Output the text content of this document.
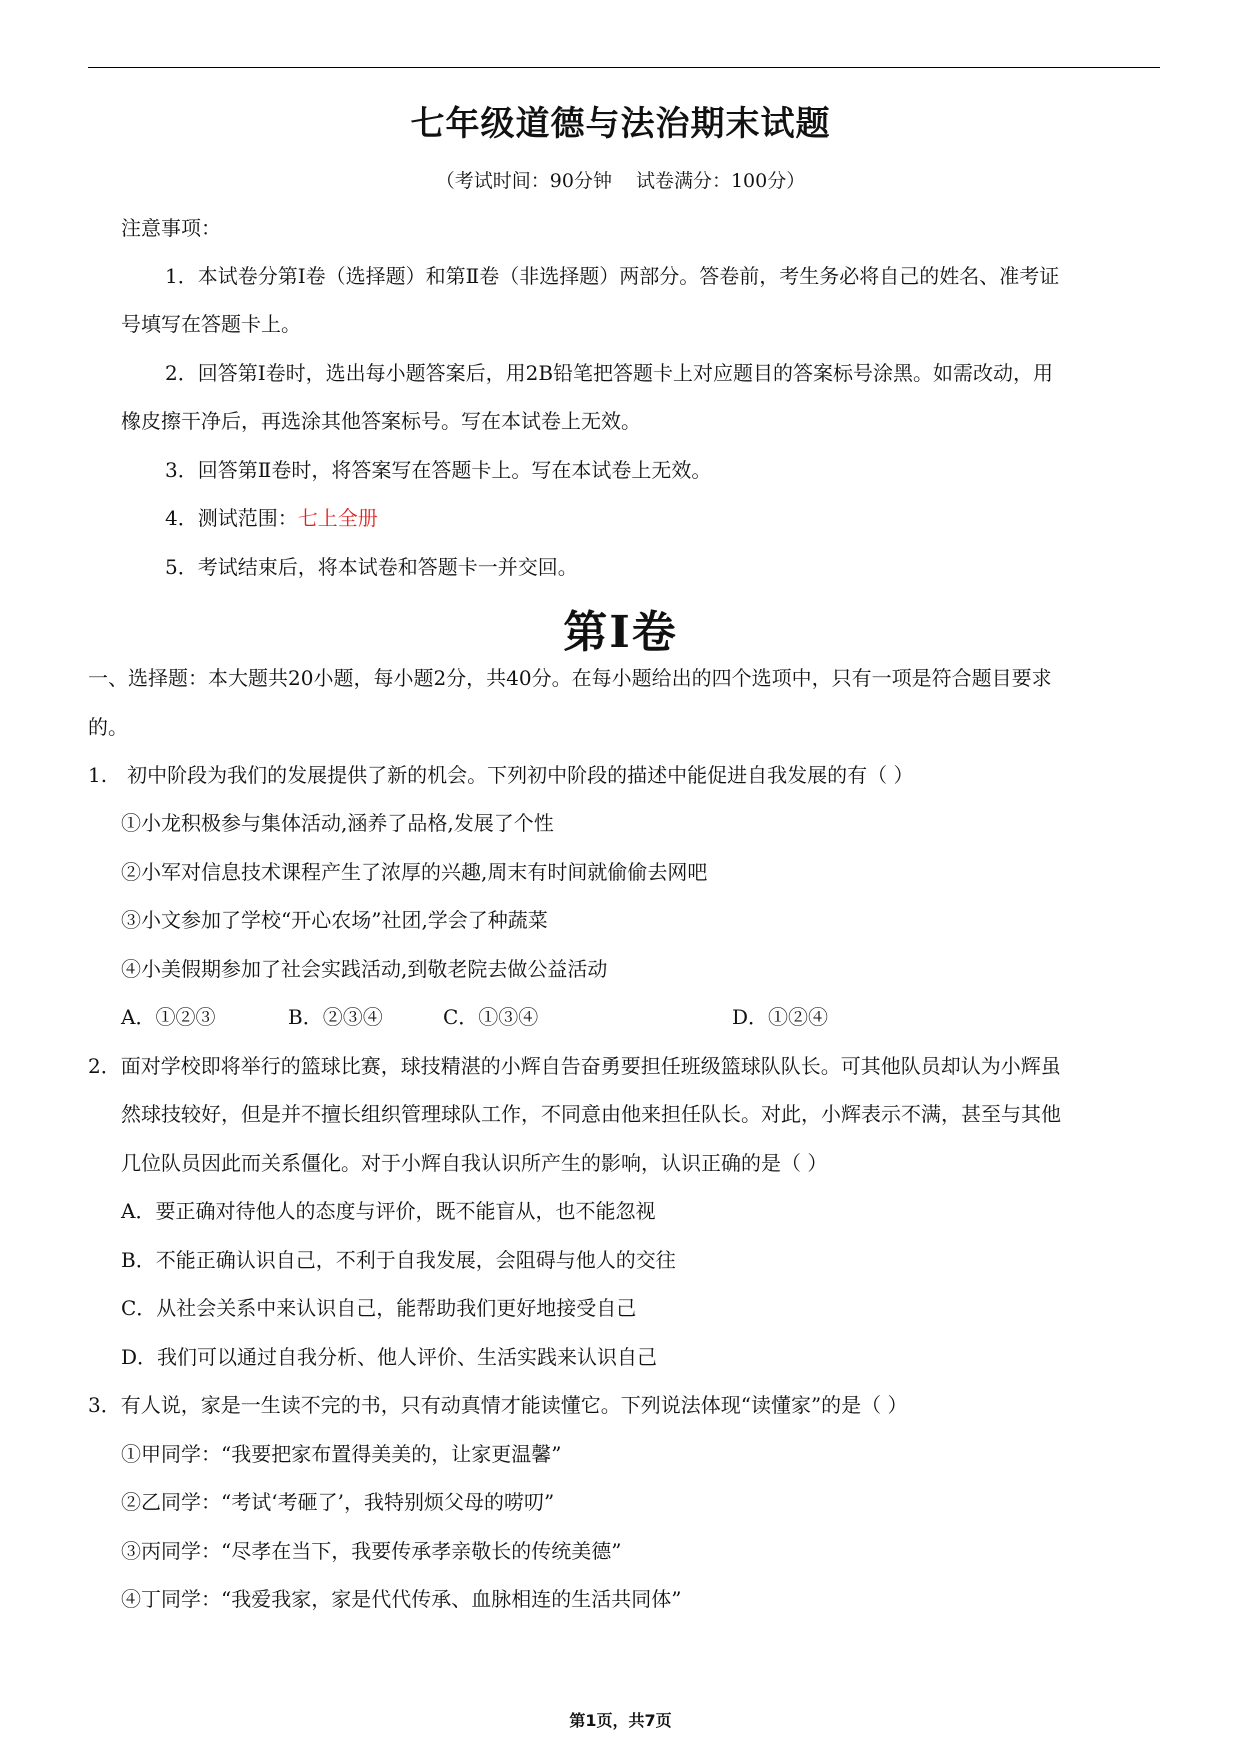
七年级道德与法治期末试题
（考试时间：90分钟 试卷满分：100分）
注意事项：
1．本试卷分第Ⅰ卷（选择题）和第Ⅱ卷（非选择题）两部分。答卷前，考生务必将自己的姓名、准考证
号填写在答题卡上。
2．回答第Ⅰ卷时，选出每小题答案后，用2B铅笔把答题卡上对应题目的答案标号涂黑。如需改动，用
橡皮擦干净后，再选涂其他答案标号。写在本试卷上无效。
3．回答第Ⅱ卷时，将答案写在答题卡上。写在本试卷上无效。
4．测试范围：七上全册
5．考试结束后，将本试卷和答题卡一并交回。
第Ⅰ卷
一、选择题：本大题共20小题，每小题2分，共40分。在每小题给出的四个选项中，只有一项是符合题目要求
的。
1.　初中阶段为我们的发展提供了新的机会。下列初中阶段的描述中能促进自我发展的有（ ）
①小龙积极参与集体活动,涵养了品格,发展了个性
②小军对信息技术课程产生了浓厚的兴趣,周末有时间就偷偷去网吧
③小文参加了学校“开心农场”社团,学会了种蔬菜
④小美假期参加了社会实践活动,到敬老院去做公益活动
A．①②③	B．②③④	C．①③④	D．①②④
2．面对学校即将举行的篮球比赛，球技精湛的小辉自告奋勇要担任班级篮球队队长。可其他队员却认为小辉虽
然球技较好，但是并不擅长组织管理球队工作，不同意由他来担任队长。对此，小辉表示不满，甚至与其他
几位队员因此而关系僵化。对于小辉自我认识所产生的影响，认识正确的是（ ）
A．要正确对待他人的态度与评价，既不能盲从，也不能忽视
B．不能正确认识自己，不利于自我发展，会阻碍与他人的交往
C．从社会关系中来认识自己，能帮助我们更好地接受自己
D．我们可以通过自我分析、他人评价、生活实践来认识自己
3．有人说，家是一生读不完的书，只有动真情才能读懂它。下列说法体现“读懂家”的是（ ）
①甲同学：“我要把家布置得美美的，让家更温馨”
②乙同学：“考试‘考砸了’，我特别烦父母的唠叨”
③丙同学：“尽孝在当下，我要传承孝亲敬长的传统美德”
④丁同学：“我爱我家，家是代代传承、血脉相连的生活共同体”
第1页，共7页
